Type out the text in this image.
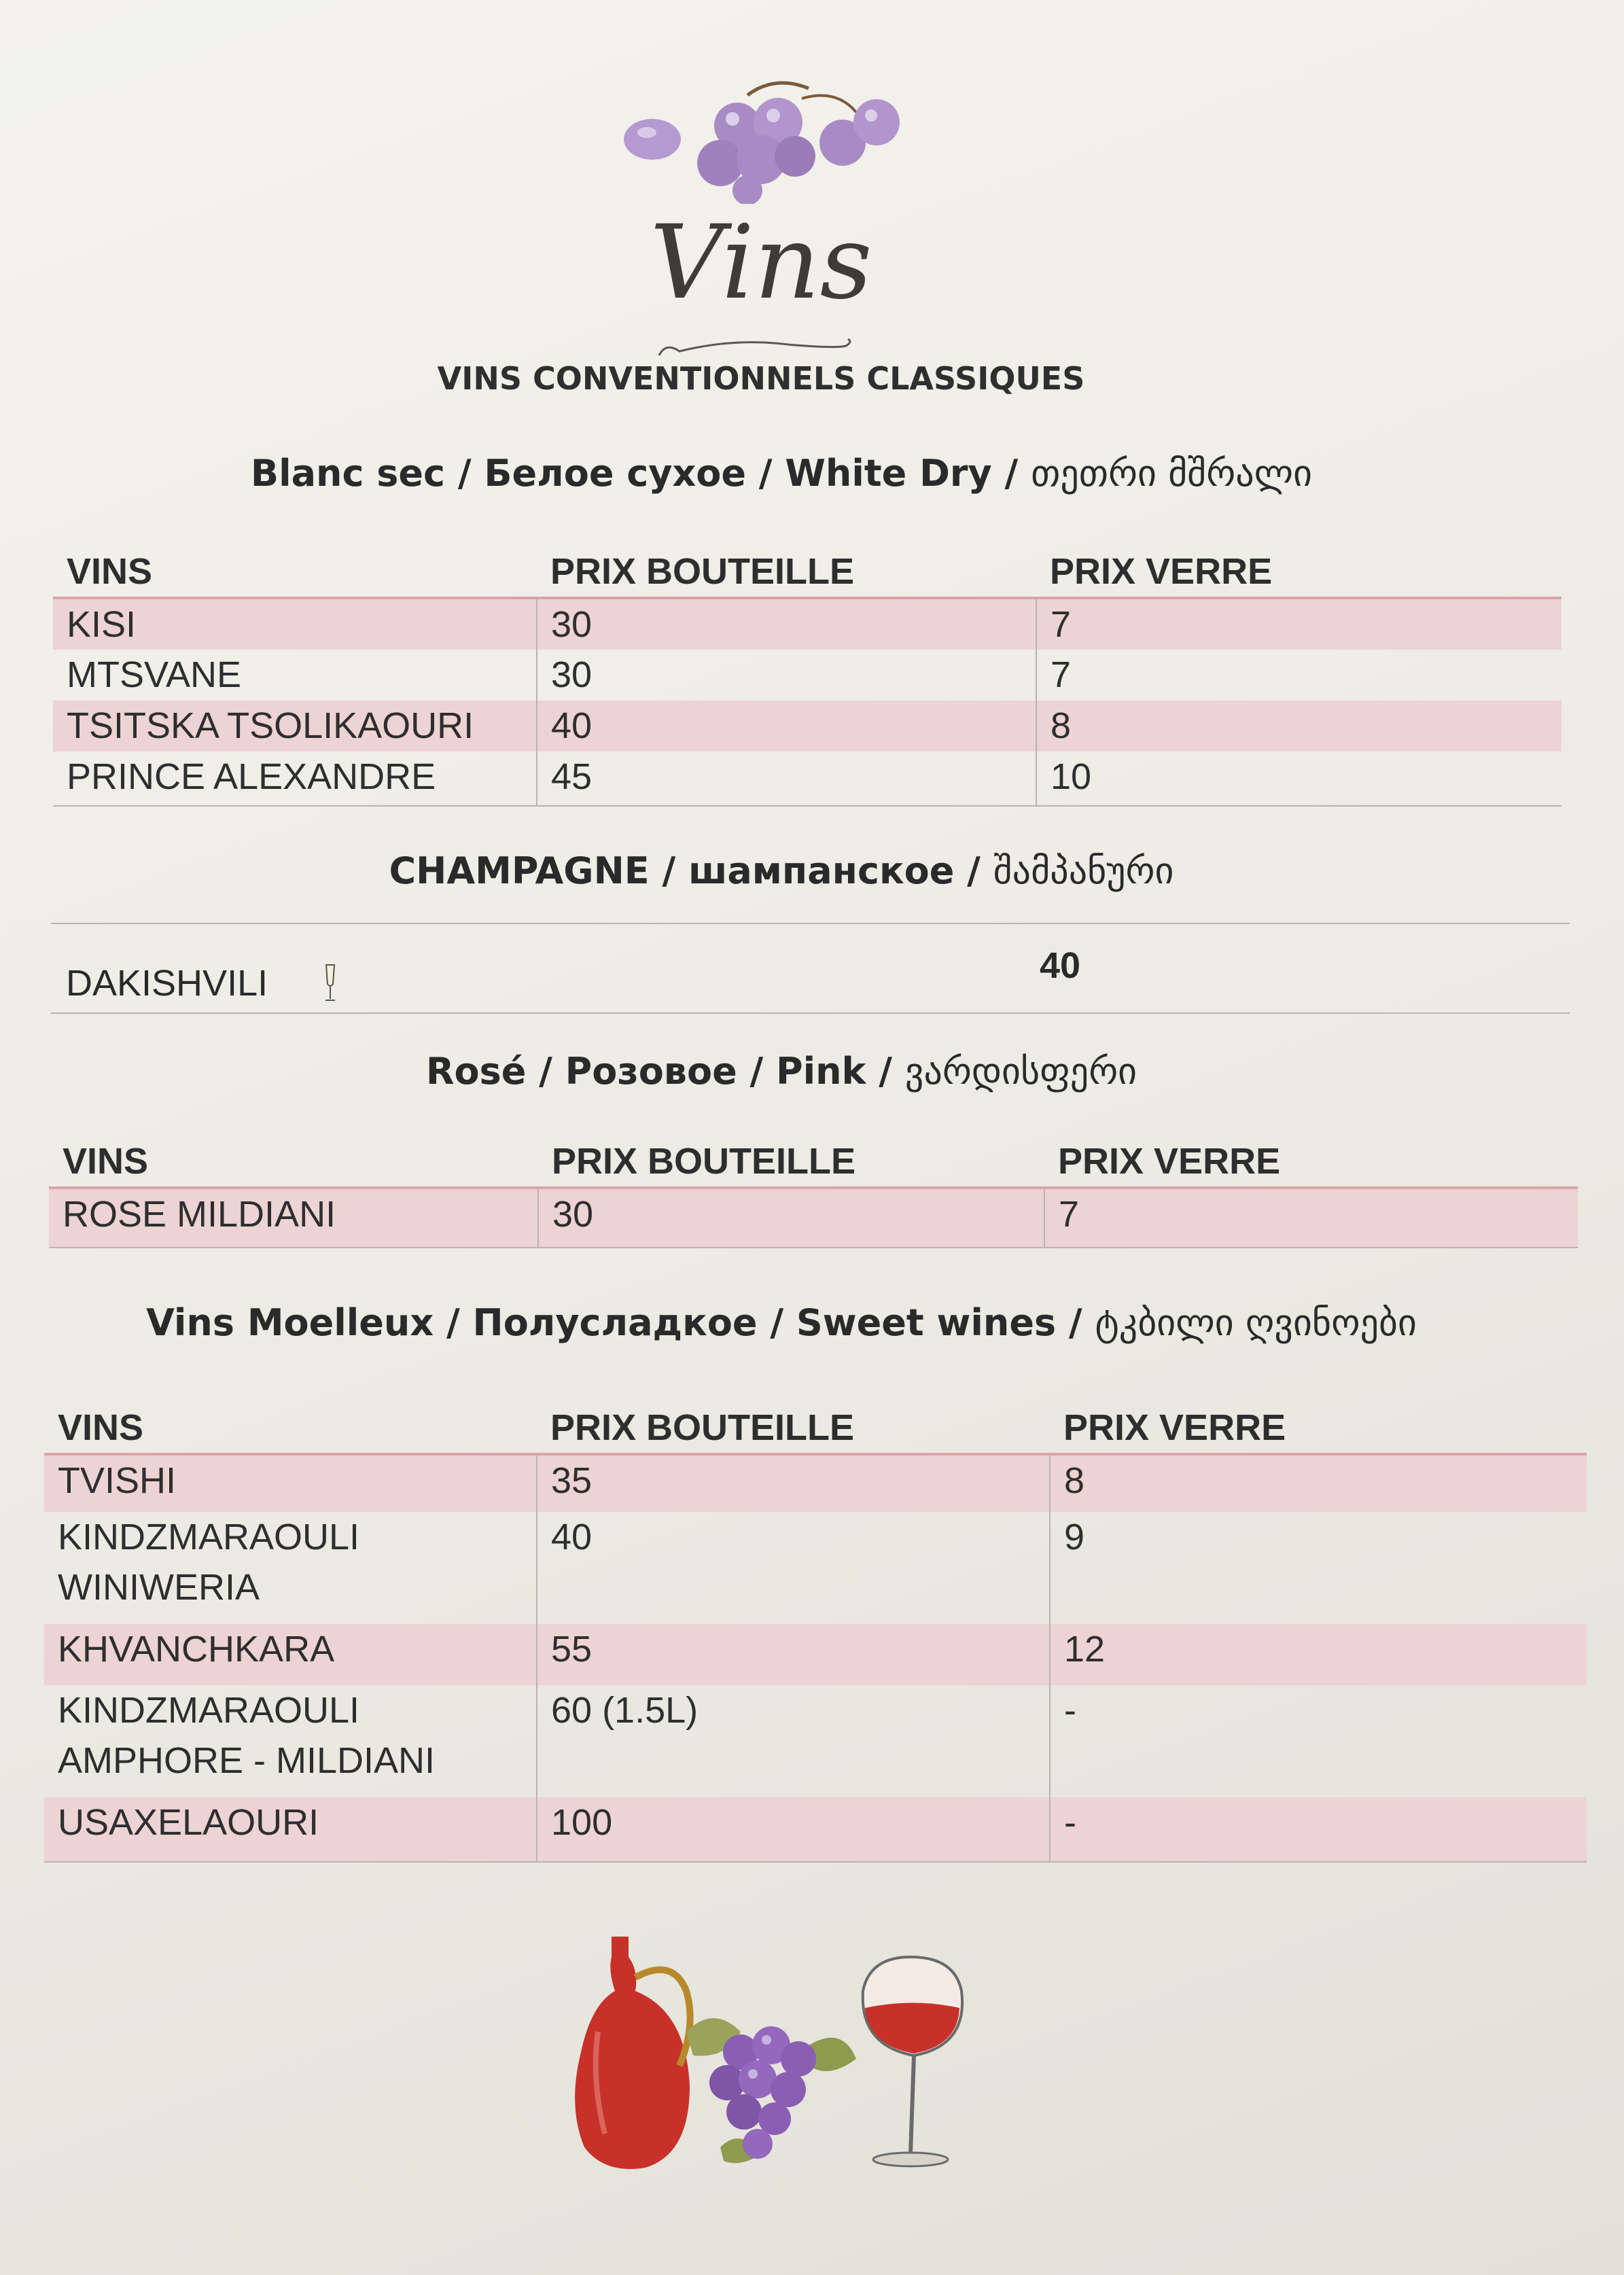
Vins
VINS CONVENTIONNELS CLASSIQUES
Blanc sec / Белое сухое / White Dry / თეთრი მშრალი
VINS	PRIX BOUTEILLE	PRIX VERRE
KISI	30	7
MTSVANE	30	7
TSITSKA TSOLIKAOURI	40	8
PRINCE ALEXANDRE	45	10
CHAMPAGNE / шампанское / შამპანური
DAKISHVILI	40
Rosé / Розовое / Pink / ვარდისფერი
VINS	PRIX BOUTEILLE	PRIX VERRE
ROSE MILDIANI	30	7
Vins Moelleux / Полусладкое / Sweet wines / ტკბილი ღვინოები
VINS	PRIX BOUTEILLE	PRIX VERRE

TVISHI	35	8

KINDZMARAOULI
WINIWERIA	40	9

KHVANCHKARA	55	12

KINDZMARAOULI
AMPHORE - MILDIANI	60 (1.5L)	-

USAXELAOURI	100	-
